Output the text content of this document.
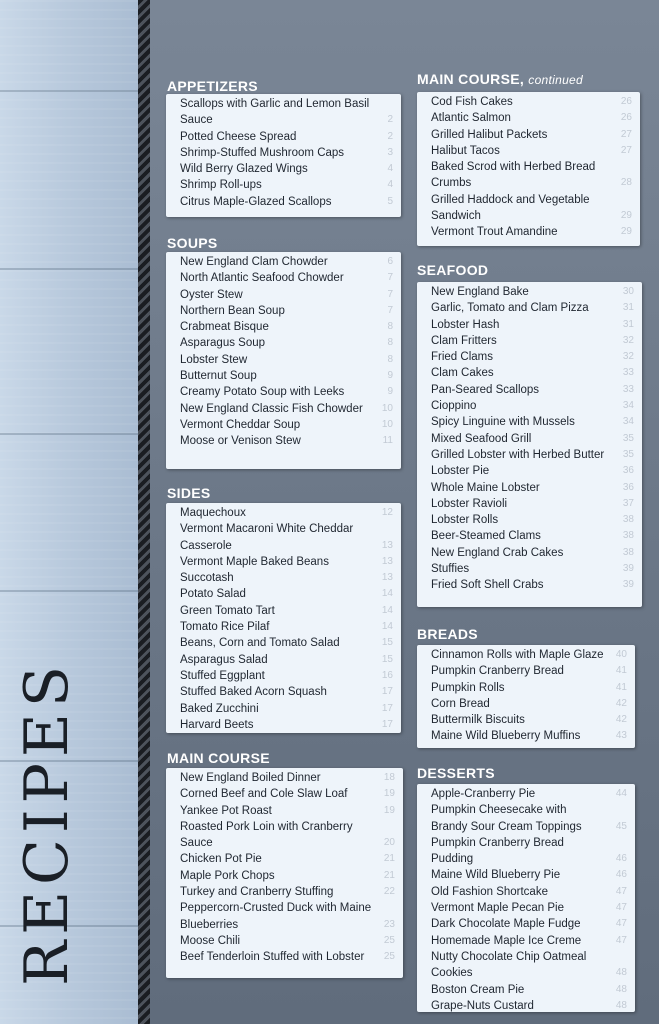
RECIPES
APPETIZERS
Scallops with Garlic and Lemon Basil Sauce	2
Potted Cheese Spread	2
Shrimp-Stuffed Mushroom Caps	3
Wild Berry Glazed Wings	4
Shrimp Roll-ups	4
Citrus Maple-Glazed Scallops	5
SOUPS
New England Clam Chowder	6
North Atlantic Seafood Chowder	7
Oyster Stew	7
Northern Bean Soup	7
Crabmeat Bisque	8
Asparagus Soup	8
Lobster Stew	8
Butternut Soup	9
Creamy Potato Soup with Leeks	9
New England Classic Fish Chowder	10
Vermont Cheddar Soup	10
Moose or Venison Stew	11
SIDES
Maquechoux	12
Vermont Macaroni White Cheddar Casserole	13
Vermont Maple Baked Beans	13
Succotash	13
Potato Salad	14
Green Tomato Tart	14
Tomato Rice Pilaf	14
Beans, Corn and Tomato Salad	15
Asparagus Salad	15
Stuffed Eggplant	16
Stuffed Baked Acorn Squash	17
Baked Zucchini	17
Harvard Beets	17
MAIN COURSE
New England Boiled Dinner	18
Corned Beef and Cole Slaw Loaf	19
Yankee Pot Roast	19
Roasted Pork Loin with Cranberry Sauce	20
Chicken Pot Pie	21
Maple Pork Chops	21
Turkey and Cranberry Stuffing	22
Peppercorn-Crusted Duck with Maine Blueberries	23
Moose Chili	25
Beef Tenderloin Stuffed with Lobster	25
MAIN COURSE, continued
Cod Fish Cakes	26
Atlantic Salmon	26
Grilled Halibut Packets	27
Halibut Tacos	27
Baked Scrod with Herbed Bread Crumbs	28
Grilled Haddock and Vegetable Sandwich	29
Vermont Trout Amandine	29
SEAFOOD
New England Bake	30
Garlic, Tomato and Clam Pizza	31
Lobster Hash	31
Clam Fritters	32
Fried Clams	32
Clam Cakes	33
Pan-Seared Scallops	33
Cioppino	34
Spicy Linguine with Mussels	34
Mixed Seafood Grill	35
Grilled Lobster with Herbed Butter	35
Lobster Pie	36
Whole Maine Lobster	36
Lobster Ravioli	37
Lobster Rolls	38
Beer-Steamed Clams	38
New England Crab Cakes	38
Stuffies	39
Fried Soft Shell Crabs	39
BREADS
Cinnamon Rolls with Maple Glaze	40
Pumpkin Cranberry Bread	41
Pumpkin Rolls	41
Corn Bread	42
Buttermilk Biscuits	42
Maine Wild Blueberry Muffins	43
DESSERTS
Apple-Cranberry Pie	44
Pumpkin Cheesecake with Brandy Sour Cream Toppings	45
Pumpkin Cranberry Bread Pudding	46
Maine Wild Blueberry Pie	46
Old Fashion Shortcake	47
Vermont Maple Pecan Pie	47
Dark Chocolate Maple Fudge	47
Homemade Maple Ice Creme	47
Nutty Chocolate Chip Oatmeal Cookies	48
Boston Cream Pie	48
Grape-Nuts Custard	48
